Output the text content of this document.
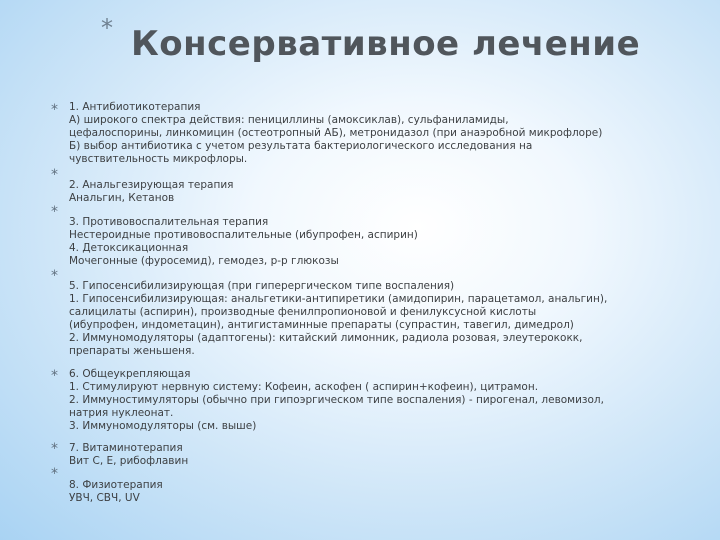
* Консервативное лечение
* 1. Антибиотикотерапия
А) широкого спектра действия: пенициллины (амоксиклав), сульфаниламиды,
цефалоспорины, линкомицин (остеотропный АБ), метронидазол (при анаэробной микрофлоре)
Б) выбор антибиотика с учетом результата бактериологического исследования на
чувствительность микрофлоры.
*

2. Анальгезирующая терапия
Анальгин, Кетанов
*

3. Противовоспалительная терапия
Нестероидные противовоспалительные (ибупрофен, аспирин)
4. Детоксикационная
Мочегонные (фуросемид), гемодез, р-р глюкозы
*

5. Гипосенсибилизирующая (при гиперергическом типе воспаления)
1. Гипосенсибилизирующая: анальгетики-антипиретики (амидопирин, парацетамол, анальгин),
салицилаты (аспирин), производные фенилпропионовой и фенилуксусной кислоты
(ибупрофен, индометацин), антигистаминные препараты (супрастин, тавегил, димедрол)
2. Иммуномодуляторы (адаптогены): китайский лимонник, радиола розовая, элеутерококк,
препараты женьшеня.
* 6. Общеукрепляющая
1. Стимулируют нервную систему: Кофеин, аскофен ( аспирин+кофеин), цитрамон.
2. Иммуностимуляторы (обычно при гипоэргическом типе воспаления) - пирогенал, левомизол,
натрия нуклеонат.
3. Иммуномодуляторы (см. выше)
* 7. Витаминотерапия
Вит С, Е, рибофлавин
*

8. Физиотерапия
УВЧ, СВЧ, UV
